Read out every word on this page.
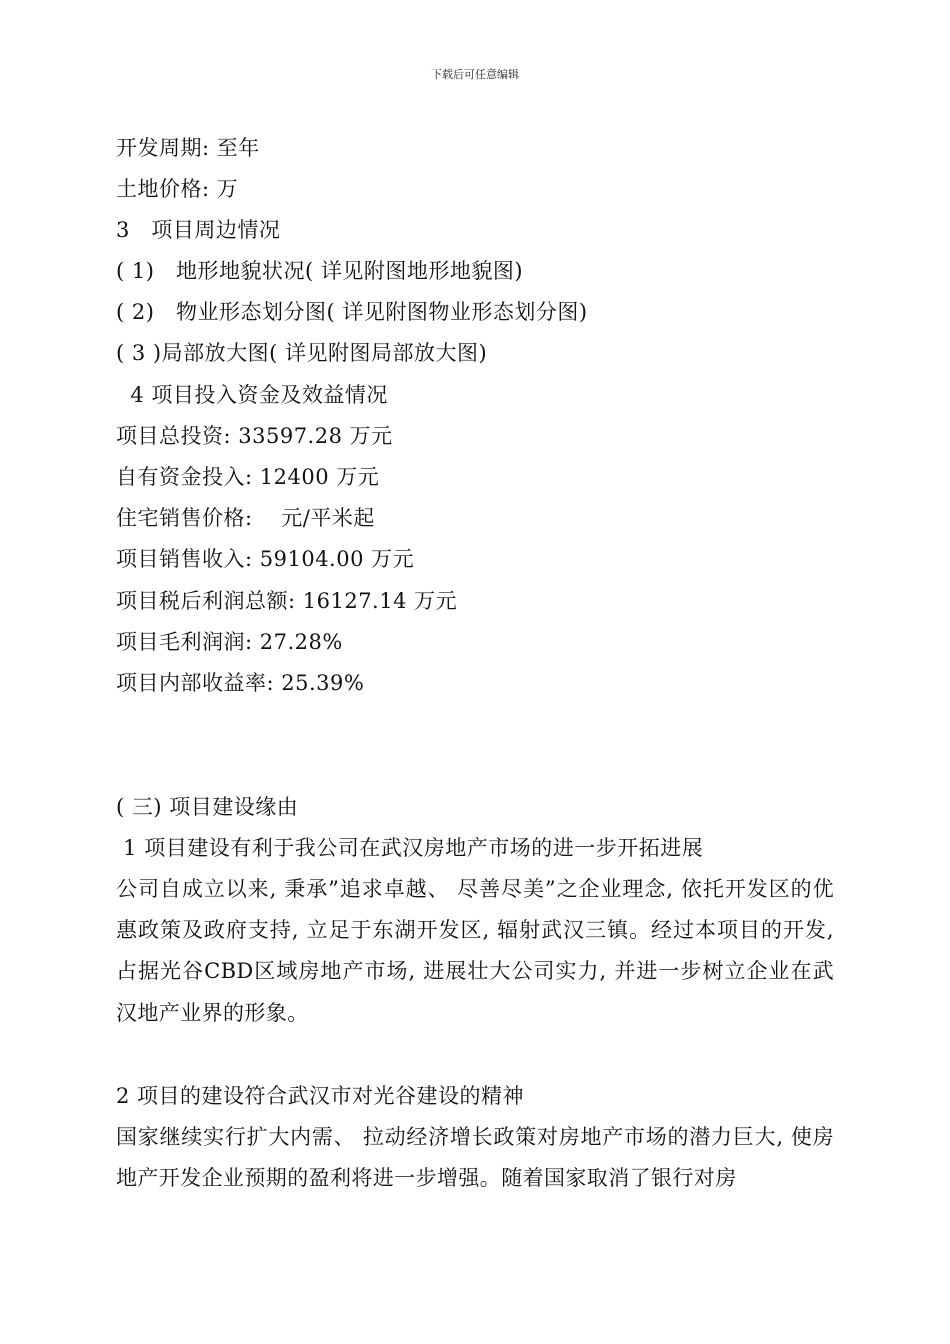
下载后可任意编辑
开发周期: 至年
土地价格: 万
3   项目周边情况
( 1)   地形地貌状况( 详见附图地形地貌图)
( 2)   物业形态划分图( 详见附图物业形态划分图)
( 3 )局部放大图( 详见附图局部放大图)
4 项目投入资金及效益情况
项目总投资: 33597.28 万元
自有资金投入: 12400 万元
住宅销售价格:    元/平米起
项目销售收入: 59104.00 万元
项目税后利润总额: 16127.14 万元
项目毛利润润: 27.28%
项目内部收益率: 25.39%
( 三) 项目建设缘由
1 项目建设有利于我公司在武汉房地产市场的进一步开拓进展
公司自成立以来, 秉承”追求卓越、 尽善尽美”之企业理念, 依托开发区的优惠政策及政府支持, 立足于东湖开发区, 辐射武汉三镇。经过本项目的开发, 占据光谷CBD区域房地产市场, 进展壮大公司实力, 并进一步树立企业在武汉地产业界的形象。
2 项目的建设符合武汉市对光谷建设的精神
国家继续实行扩大内需、 拉动经济增长政策对房地产市场的潜力巨大, 使房地产开发企业预期的盈利将进一步增强。随着国家取消了银行对房
